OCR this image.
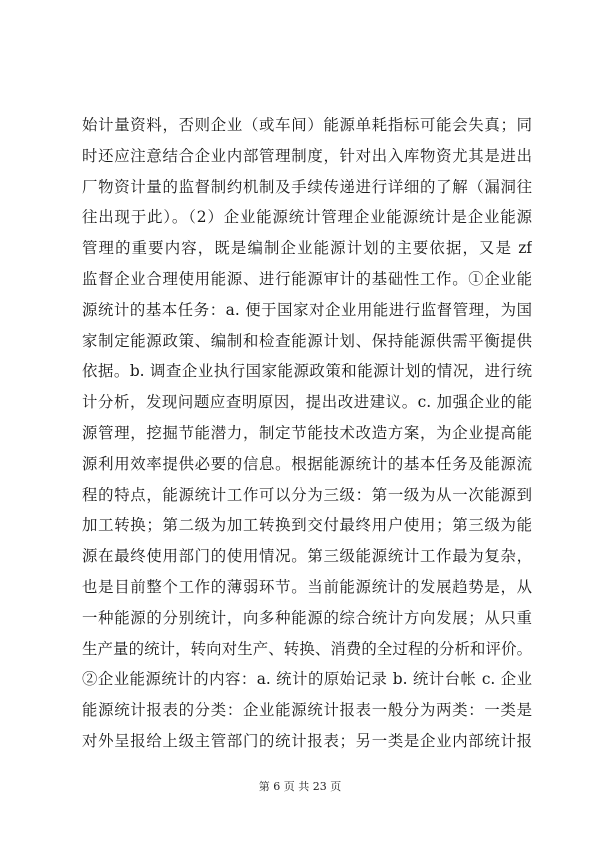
始计量资料，否则企业（或车间）能源单耗指标可能会失真；同
时还应注意结合企业内部管理制度，针对出入库物资尤其是进出
厂物资计量的监督制约机制及手续传递进行详细的了解（漏洞往
往出现于此）。（2）企业能源统计管理企业能源统计是企业能源
管理的重要内容，既是编制企业能源计划的主要依据，又是 zf
监督企业合理使用能源、进行能源审计的基础性工作。①企业能
源统计的基本任务：a. 便于国家对企业用能进行监督管理，为国
家制定能源政策、编制和检查能源计划、保持能源供需平衡提供
依据。b. 调查企业执行国家能源政策和能源计划的情况，进行统
计分析，发现问题应查明原因，提出改进建议。c. 加强企业的能
源管理，挖掘节能潜力，制定节能技术改造方案，为企业提高能
源利用效率提供必要的信息。根据能源统计的基本任务及能源流
程的特点，能源统计工作可以分为三级：第一级为从一次能源到
加工转换；第二级为加工转换到交付最终用户使用；第三级为能
源在最终使用部门的使用情况。第三级能源统计工作最为复杂，
也是目前整个工作的薄弱环节。当前能源统计的发展趋势是，从
一种能源的分别统计，向多种能源的综合统计方向发展；从只重
生产量的统计，转向对生产、转换、消费的全过程的分析和评价。
②企业能源统计的内容：a. 统计的原始记录 b. 统计台帐 c. 企业
能源统计报表的分类：企业能源统计报表一般分为两类：一类是
对外呈报给上级主管部门的统计报表；另一类是企业内部统计报
第 6 页 共 23 页
